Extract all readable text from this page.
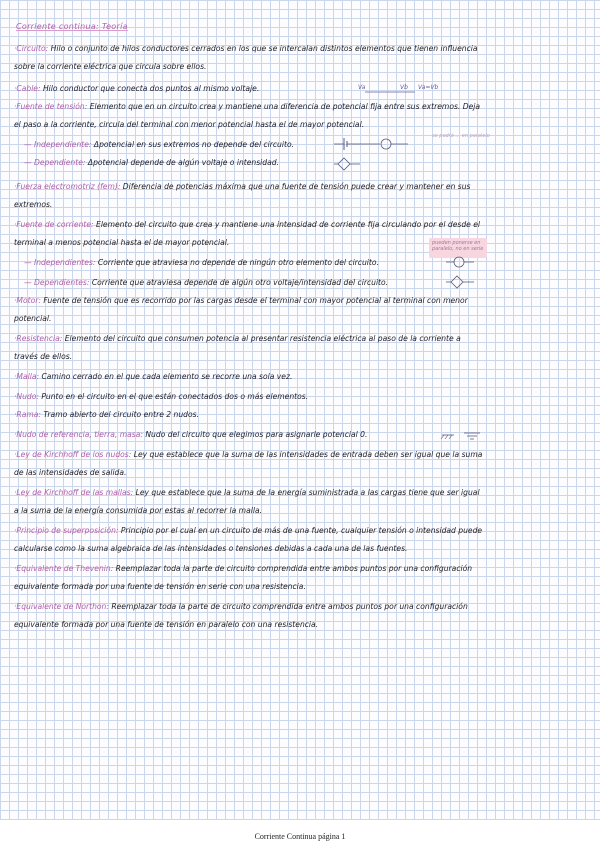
Corriente continua: Teoría
·Circuito: Hilo o conjunto de hilos conductores cerrados en los que se intercalan distintos elementos que tienen influencia sobre la corriente eléctrica que circula sobre ellos.
·Cable: Hilo conductor que conecta dos puntos al mismo voltaje.	Va	Vb Va=Vb
·Fuente de tensión: Elemento que en un circuito crea y mantiene una diferencia de potencial fija entre sus extremos. Deja el paso a la corriente, circula del terminal con menor potencial hasta el de mayor potencial.
— Independiente: Δpotencial en sus extremos no depende del circuito.
— Dependiente: Δpotencial depende de algún voltaje o intensidad.
se podrá ... en paralelo
·Fuerza electromotriz (fem): Diferencia de potencias máxima que una fuente de tensión puede crear y mantener en sus extremos.
·Fuente de corriente: Elemento del circuito que crea y mantiene una intensidad de corriente fija circulando por el desde el terminal a menos potencial hasta el de mayor potencial.
— Independientes: Corriente que atraviesa no depende de ningún otro elemento del circuito.
— Dependientes: Corriente que atraviesa depende de algún otro voltaje/intensidad del circuito.
pueden ponerse en paralelo, no en serie
·Motor: Fuente de tensión que es recorrido por las cargas desde el terminal con mayor potencial al terminal con menor potencial.
·Resistencia: Elemento del circuito que consumen potencia al presentar resistencia eléctrica al paso de la corriente a través de ellos.
·Malla: Camino cerrado en el que cada elemento se recorre una sola vez.
·Nudo: Punto en el circuito en el que están conectados dos o más elementos.
·Rama: Tramo abierto del circuito entre 2 nudos.
·Nudo de referencia, tierra, masa: Nudo del circuito que elegimos para asignarle potencial 0.
·Ley de Kirchhoff de los nudos: Ley que establece que la suma de las intensidades de entrada deben ser igual que la suma de las intensidades de salida.
·Ley de Kirchhoff de las mallas: Ley que establece que la suma de la energía suministrada a las cargas tiene que ser igual a la suma de la energía consumida por estas al recorrer la malla.
·Principio de superposición: Principio por el cual en un circuito de más de una fuente, cualquier tensión o intensidad puede calcularse como la suma algebraica de las intensidades o tensiones debidas a cada una de las fuentes.
·Equivalente de Thevenin: Reemplazar toda la parte de circuito comprendida entre ambos puntos por una configuración equivalente formada por una fuente de tensión en serie con una resistencia.
·Equivalente de Northon: Reemplazar toda la parte de circuito comprendida entre ambos puntos por una configuración equivalente formada por una fuente de tensión en paralelo con una resistencia.
Corriente Continua página 1
